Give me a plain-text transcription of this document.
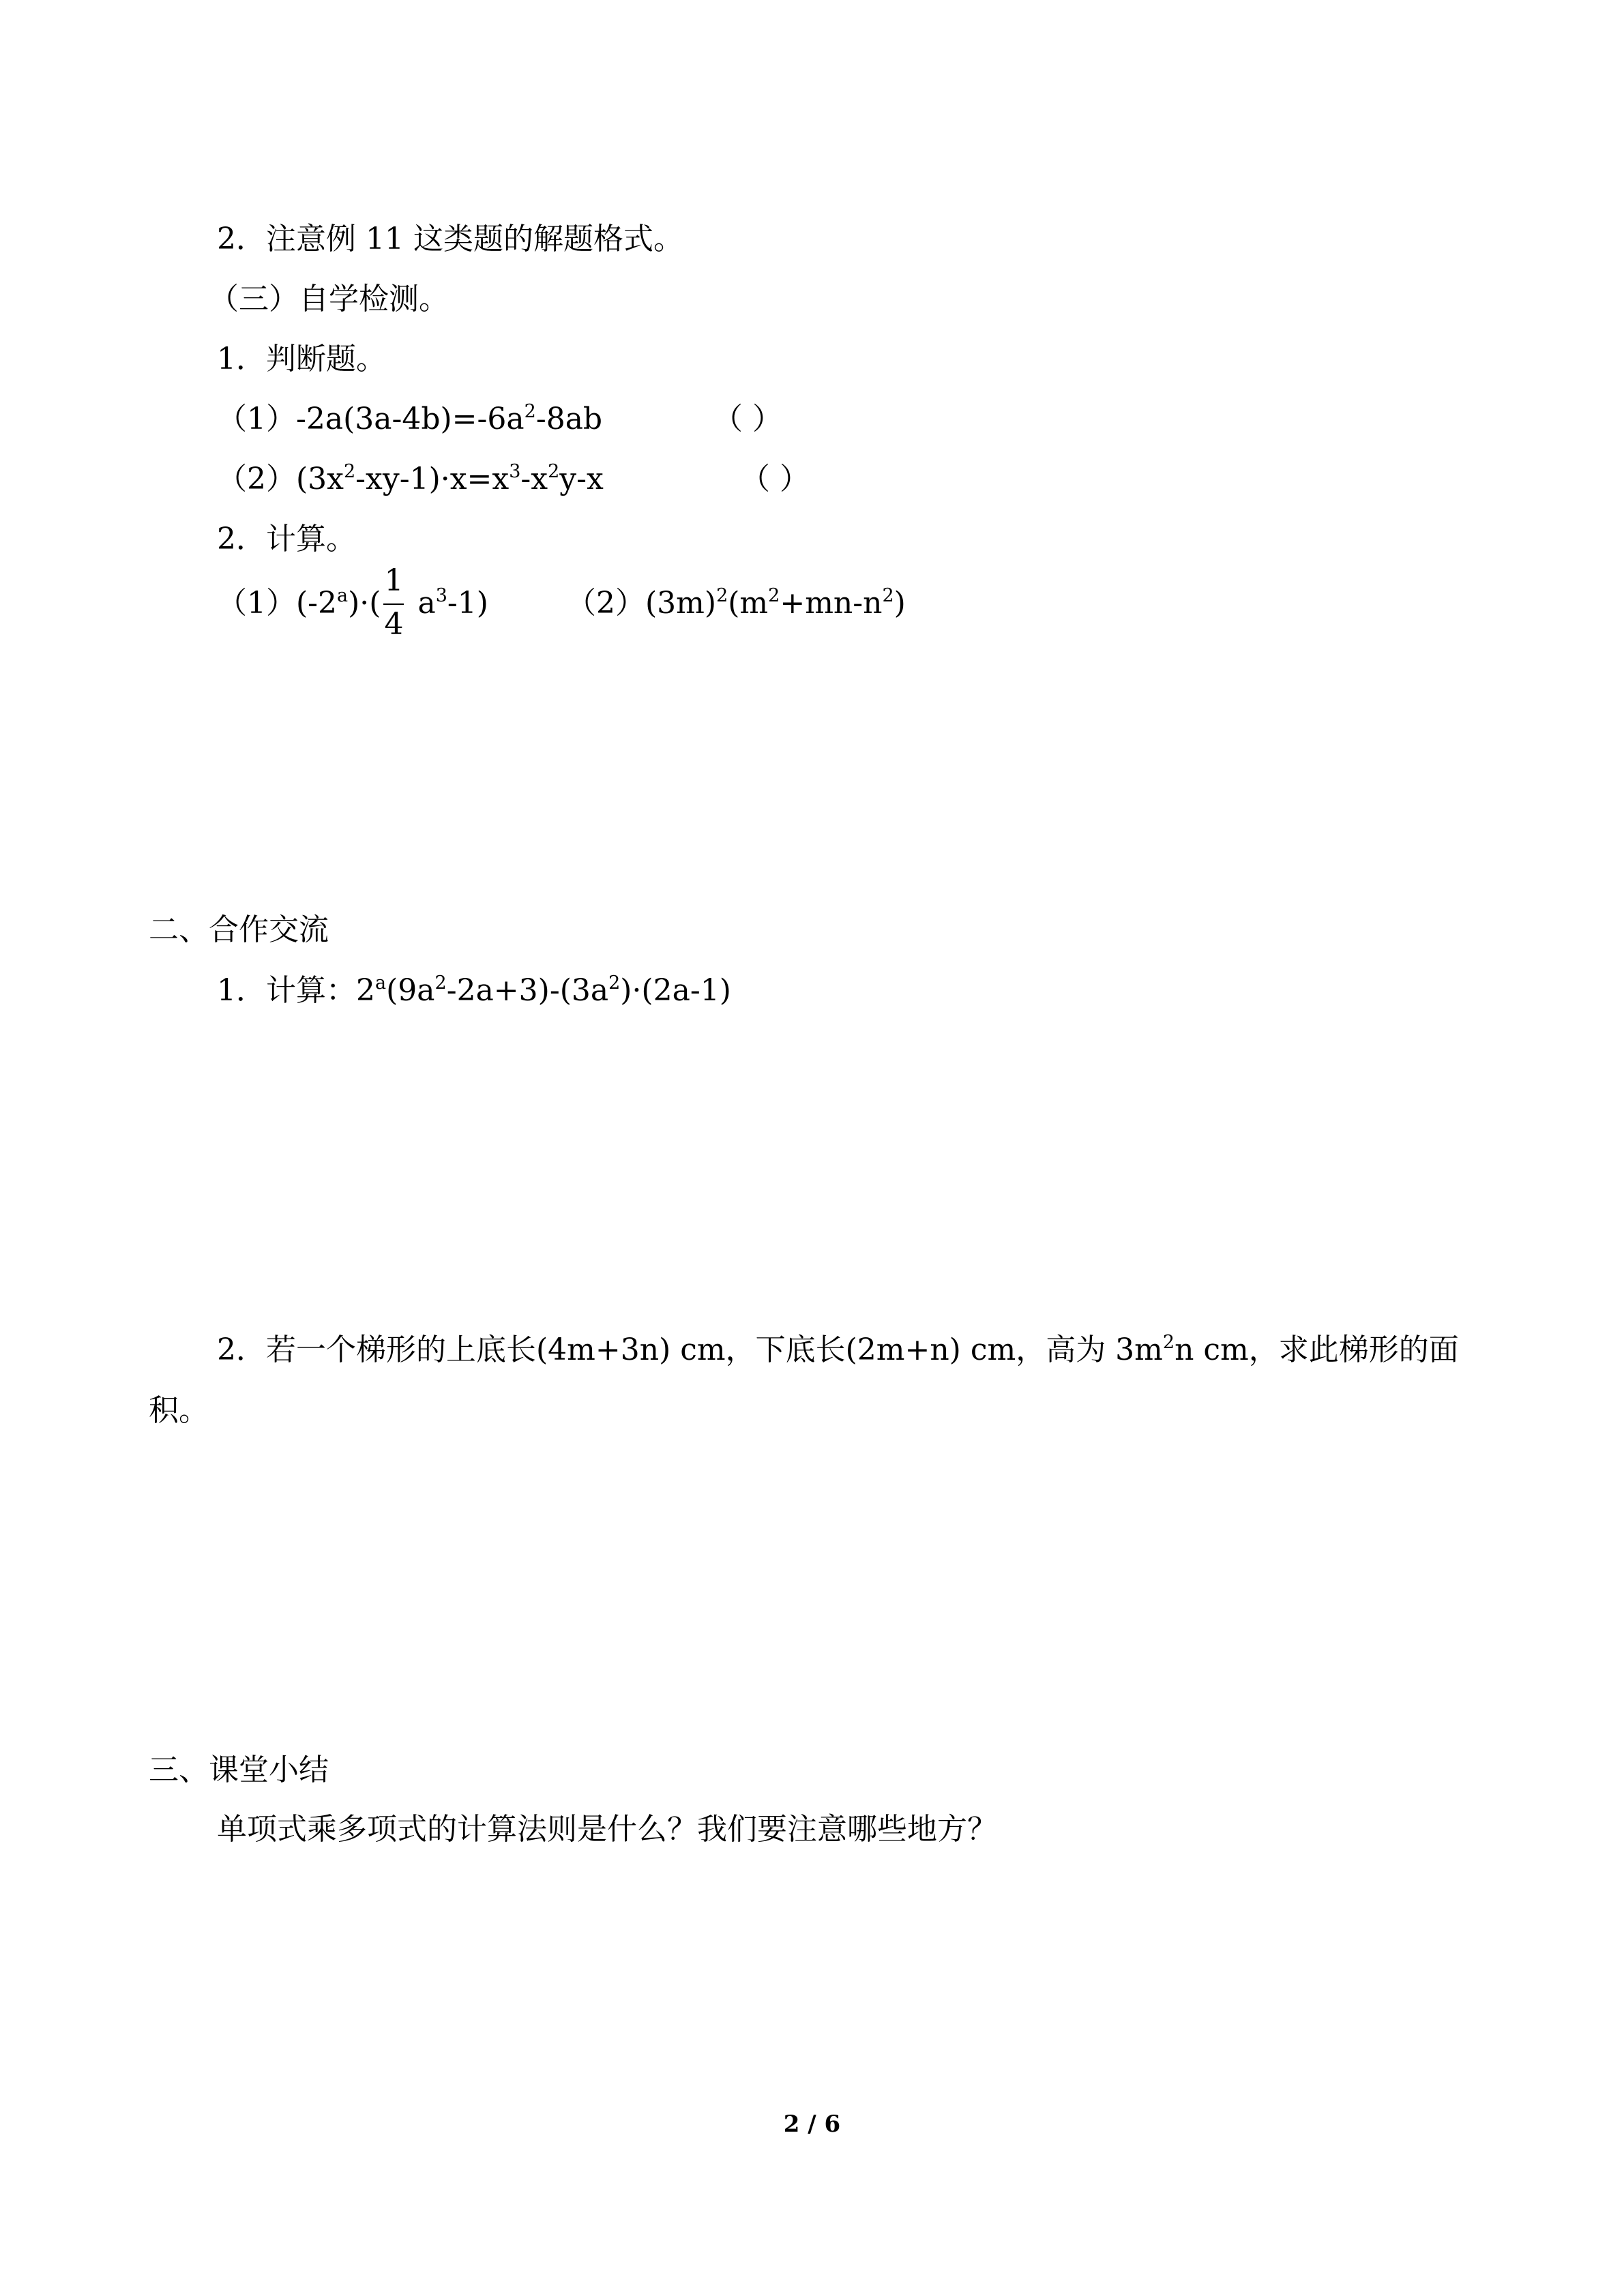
2．注意例 11 这类题的解题格式。
（三）自学检测。
1．判断题。
$(1)-2a(3a-4b)=-6a^2-8ab$	（ ）
$(2)(3x^2-xy-1)\cdot x=x^3-x^2y-x$	（ ）
2．计算。
$(1)(-2^a)\cdot( \frac{1}{4} a^3-1)$	$(2)(3m)^2(m^2+mn-n^2)$
二、合作交流
1．计算：$2^a(9a^2-2a+3)-(3a^2)\cdot(2a-1)$
2．若一个梯形的上底长(4m+3n) cm，下底长(2m+n) cm，高为 $3m^2n$ cm，求此梯形的面
积。
三、课堂小结
单项式乘多项式的计算法则是什么？我们要注意哪些地方？
2 / 6
